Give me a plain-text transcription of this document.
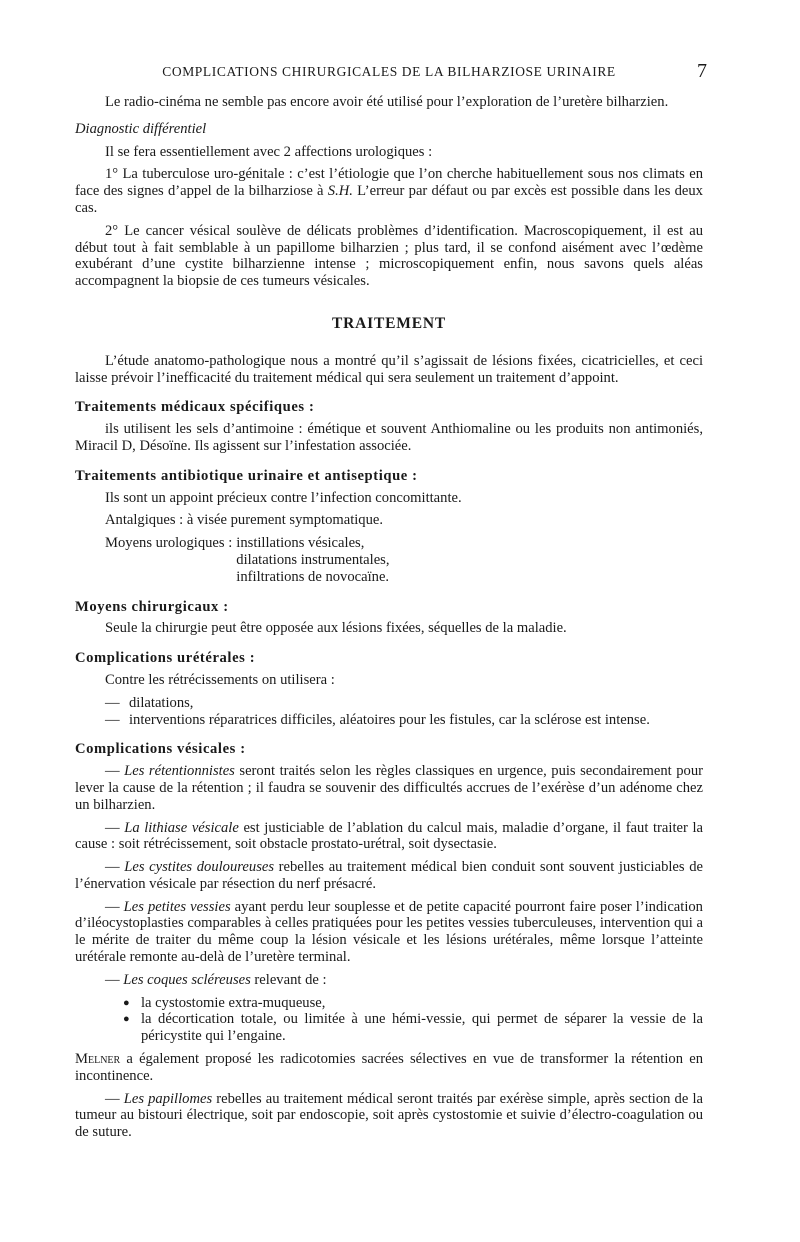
COMPLICATIONS CHIRURGICALES DE LA BILHARZIOSE URINAIRE	7

Le radio-cinéma ne semble pas encore avoir été utilisé pour l’exploration de l’uretère bilharzien.

Diagnostic différentiel

Il se fera essentiellement avec 2 affections urologiques :

1° La tuberculose uro-génitale : c’est l’étiologie que l’on cherche habituellement sous nos climats en face des signes d’appel de la bilharziose à S.H. L’erreur par défaut ou par excès est possible dans les deux cas.

2° Le cancer vésical soulève de délicats problèmes d’identification. Macroscopiquement, il est au début tout à fait semblable à un papillome bilharzien ; plus tard, il se confond aisément avec l’œdème exubérant d’une cystite bilharzienne intense ; microscopiquement enfin, nous savons quels aléas accompagnent la biopsie de ces tumeurs vésicales.

TRAITEMENT

L’étude anatomo-pathologique nous a montré qu’il s’agissait de lésions fixées, cicatricielles, et ceci laisse prévoir l’inefficacité du traitement médical qui sera seulement un traitement d’appoint.

Traitements médicaux spécifiques :

ils utilisent les sels d’antimoine : émétique et souvent Anthiomaline ou les produits non antimoniés, Miracil D, Désoïne. Ils agissent sur l’infestation associée.

Traitements antibiotique urinaire et antiseptique :

Ils sont un appoint précieux contre l’infection concomittante.

Antalgiques : à visée purement symptomatique.

Moyens urologiques : instillations vésicales,
dilatations instrumentales,
infiltrations de novocaïne.

Moyens chirurgicaux :

Seule la chirurgie peut être opposée aux lésions fixées, séquelles de la maladie.

Complications urétérales :

Contre les rétrécissements on utilisera :

— dilatations,
— interventions réparatrices difficiles, aléatoires pour les fistules, car la sclérose est intense.

Complications vésicales :

— Les rétentionnistes seront traités selon les règles classiques en urgence, puis secondairement pour lever la cause de la rétention ; il faudra se souvenir des difficultés accrues de l’exérèse d’un adénome chez un bilharzien.

— La lithiase vésicale est justiciable de l’ablation du calcul mais, maladie d’organe, il faut traiter la cause : soit rétrécissement, soit obstacle prostato-urétral, soit dysectasie.

— Les cystites douloureuses rebelles au traitement médical bien conduit sont souvent justiciables de l’énervation vésicale par résection du nerf présacré.

— Les petites vessies ayant perdu leur souplesse et de petite capacité pourront faire poser l’indication d’iléocystoplasties comparables à celles pratiquées pour les petites vessies tuberculeuses, intervention qui a le mérite de traiter du même coup la lésion vésicale et les lésions urétérales, même lorsque l’atteinte urétérale remonte au-delà de l’uretère terminal.

— Les coques scléreuses relevant de :

● la cystostomie extra-muqueuse,
● la décortication totale, ou limitée à une hémi-vessie, qui permet de séparer la vessie de la péricystite qui l’engaine.

Melner a également proposé les radicotomies sacrées sélectives en vue de transformer la rétention en incontinence.

— Les papillomes rebelles au traitement médical seront traités par exérèse simple, après section de la tumeur au bistouri électrique, soit par endoscopie, soit après cystostomie et suivie d’électro-coagulation ou de suture.
